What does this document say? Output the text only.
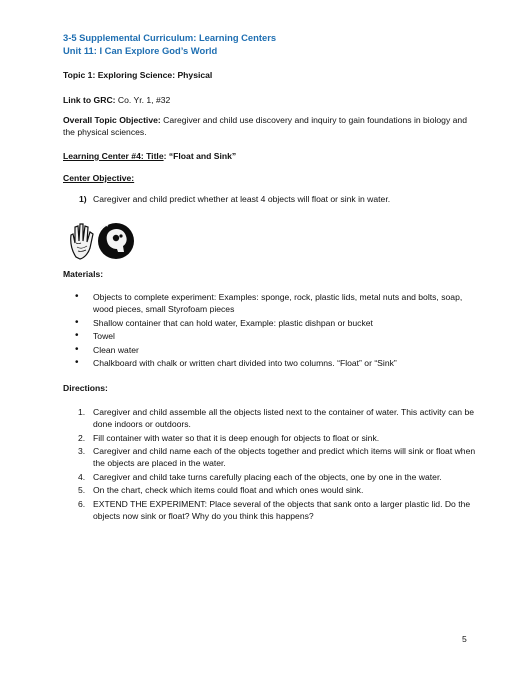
3-5 Supplemental Curriculum: Learning Centers
Unit 11: I Can Explore God’s World
Topic 1: Exploring Science: Physical
Link to GRC: Co. Yr. 1, #32
Overall Topic Objective: Caregiver and child use discovery and inquiry to gain foundations in biology and the physical sciences.
Learning Center #4: Title: “Float and Sink”
Center Objective:
1) Caregiver and child predict whether at least 4 objects will float or sink in water.
Materials:
• Objects to complete experiment: Examples: sponge, rock, plastic lids, metal nuts and bolts, soap, wood pieces, small Styrofoam pieces
• Shallow container that can hold water, Example: plastic dishpan or bucket
• Towel
• Clean water
• Chalkboard with chalk or written chart divided into two columns. “Float” or “Sink”
Directions:
1. Caregiver and child assemble all the objects listed next to the container of water. This activity can be done indoors or outdoors.
2. Fill container with water so that it is deep enough for objects to float or sink.
3. Caregiver and child name each of the objects together and predict which items will sink or float when the objects are placed in the water.
4. Caregiver and child take turns carefully placing each of the objects, one by one in the water.
5. On the chart, check which items could float and which ones would sink.
6. EXTEND THE EXPERIMENT: Place several of the objects that sank onto a larger plastic lid. Do the objects now sink or float? Why do you think this happens?
5
